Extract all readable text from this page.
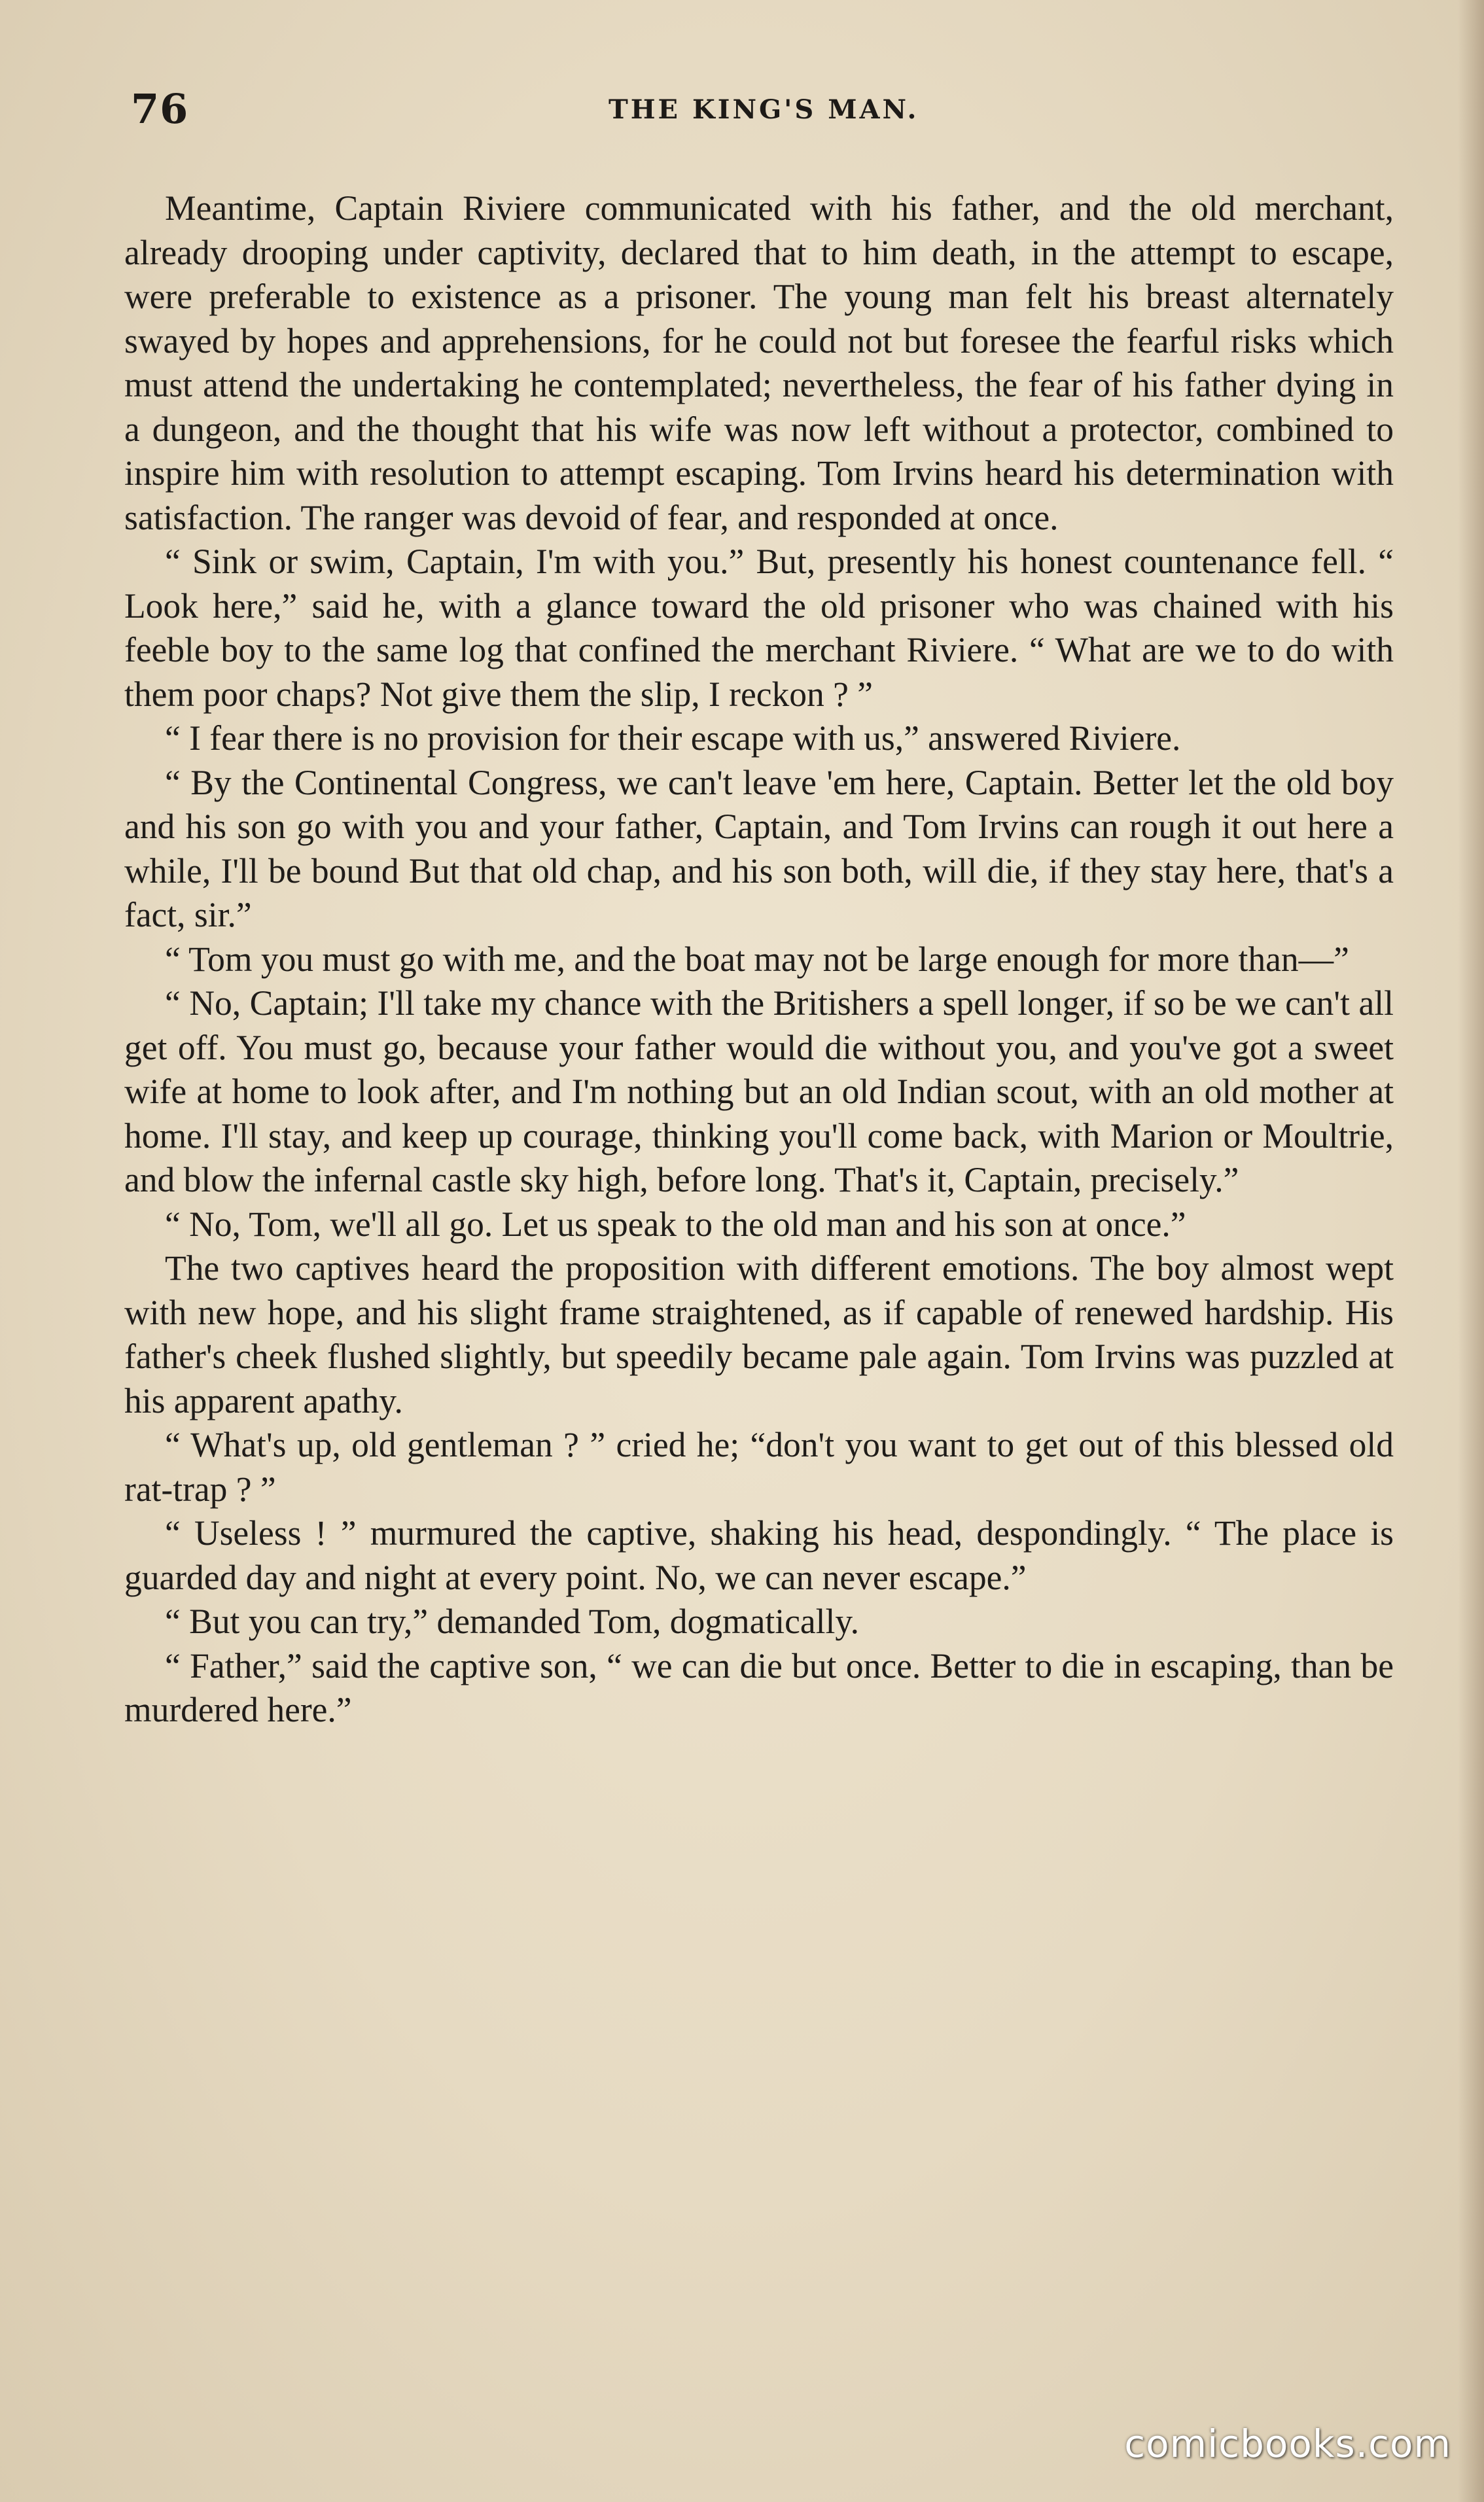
76	THE KING'S MAN.

Meantime, Captain Riviere communicated with his father, and the old merchant, already drooping under captivity, declared that to him death, in the attempt to escape, were preferable to existence as a prisoner. The young man felt his breast alternately swayed by hopes and apprehensions, for he could not but foresee the fearful risks which must attend the undertaking he contemplated; nevertheless, the fear of his father dying in a dungeon, and the thought that his wife was now left without a protector, combined to inspire him with resolution to attempt escaping. Tom Irvins heard his determination with satisfaction. The ranger was devoid of fear, and responded at once.

“ Sink or swim, Captain, I'm with you.” But, presently his honest countenance fell. “ Look here,” said he, with a glance toward the old prisoner who was chained with his feeble boy to the same log that confined the merchant Riviere. “ What are we to do with them poor chaps? Not give them the slip, I reckon ? ”

“ I fear there is no provision for their escape with us,” answered Riviere.

“ By the Continental Congress, we can't leave 'em here, Captain. Better let the old boy and his son go with you and your father, Captain, and Tom Irvins can rough it out here a while, I'll be bound But that old chap, and his son both, will die, if they stay here, that's a fact, sir.”

“ Tom you must go with me, and the boat may not be large enough for more than—”

“ No, Captain; I'll take my chance with the Britishers a spell longer, if so be we can't all get off. You must go, because your father would die without you, and you've got a sweet wife at home to look after, and I'm nothing but an old Indian scout, with an old mother at home. I'll stay, and keep up courage, thinking you'll come back, with Marion or Moultrie, and blow the infernal castle sky high, before long. That's it, Captain, precisely.”

“ No, Tom, we'll all go. Let us speak to the old man and his son at once.”

The two captives heard the proposition with different emotions. The boy almost wept with new hope, and his slight frame straightened, as if capable of renewed hardship. His father's cheek flushed slightly, but speedily became pale again. Tom Irvins was puzzled at his apparent apathy.

“ What's up, old gentleman ? ” cried he; “don't you want to get out of this blessed old rat-trap ? ”

“ Useless ! ” murmured the captive, shaking his head, despondingly. “ The place is guarded day and night at every point. No, we can never escape.”

“ But you can try,” demanded Tom, dogmatically.

“ Father,” said the captive son, “ we can die but once. Better to die in escaping, than be murdered here.”

comicbooks.com
